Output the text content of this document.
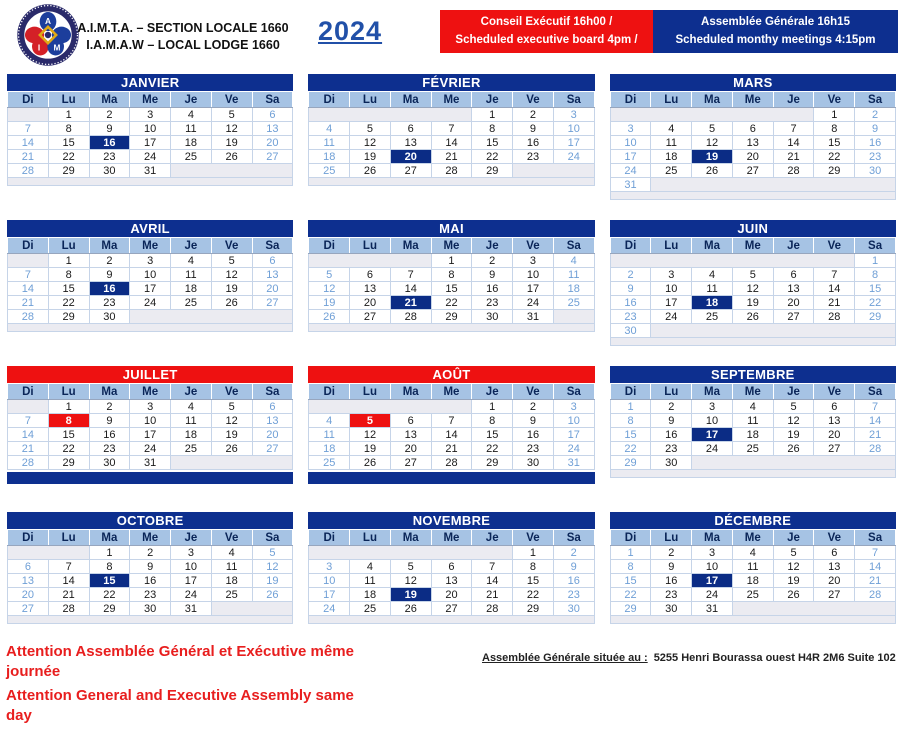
A
I M
A.I.M.T.A. – SECTION LOCALE 1660
I.A.M.A.W – LOCAL LODGE 1660	2024	Conseil Exécutif 16h00 /
Scheduled executive board 4pm /
Assemblée Générale 16h15
Scheduled monthy meetings 4:15pm
JANVIER
Di	Lu	Ma	Me	Je	Ve	Sa
	1	2	3	4	5	6
7	8	9	10	11	12	13
14	15	16	17	18	19	20
21	22	23	24	25	26	27
28	29	30	31			
FÉVRIER
Di	Lu	Ma	Me	Je	Ve	Sa
				1	2	3
4	5	6	7	8	9	10
11	12	13	14	15	16	17
18	19	20	21	22	23	24
25	26	27	28	29		
MARS
Di	Lu	Ma	Me	Je	Ve	Sa
					1	2
3	4	5	6	7	8	9
10	11	12	13	14	15	16
17	18	19	20	21	22	23
24	25	26	27	28	29	30
31						
AVRIL
Di	Lu	Ma	Me	Je	Ve	Sa
	1	2	3	4	5	6
7	8	9	10	11	12	13
14	15	16	17	18	19	20
21	22	23	24	25	26	27
28	29	30				
MAI
Di	Lu	Ma	Me	Je	Ve	Sa
			1	2	3	4
5	6	7	8	9	10	11
12	13	14	15	16	17	18
19	20	21	22	23	24	25
26	27	28	29	30	31	
JUIN
Di	Lu	Ma	Me	Je	Ve	Sa
						1
2	3	4	5	6	7	8
9	10	11	12	13	14	15
16	17	18	19	20	21	22
23	24	25	26	27	28	29
30						
JUILLET
Di	Lu	Ma	Me	Je	Ve	Sa
	1	2	3	4	5	6
7	8	9	10	11	12	13
14	15	16	17	18	19	20
21	22	23	24	25	26	27
28	29	30	31			
AOÛT
Di	Lu	Ma	Me	Je	Ve	Sa
				1	2	3
4	5	6	7	8	9	10
11	12	13	14	15	16	17
18	19	20	21	22	23	24
25	26	27	28	29	30	31
SEPTEMBRE
Di	Lu	Ma	Me	Je	Ve	Sa
1	2	3	4	5	6	7
8	9	10	11	12	13	14
15	16	17	18	19	20	21
22	23	24	25	26	27	28
29	30					
OCTOBRE
Di	Lu	Ma	Me	Je	Ve	Sa
		1	2	3	4	5
6	7	8	9	10	11	12
13	14	15	16	17	18	19
20	21	22	23	24	25	26
27	28	29	30	31		
NOVEMBRE
Di	Lu	Ma	Me	Je	Ve	Sa
					1	2
3	4	5	6	7	8	9
10	11	12	13	14	15	16
17	18	19	20	21	22	23
24	25	26	27	28	29	30
DÉCEMBRE
Di	Lu	Ma	Me	Je	Ve	Sa
1	2	3	4	5	6	7
8	9	10	11	12	13	14
15	16	17	18	19	20	21
22	23	24	25	26	27	28
29	30	31				
Attention Assemblée Général et Exécutive même journée
Attention General and Executive Assembly same day
Assemblée Générale située au : 5255 Henri Bourassa ouest H4R 2M6 Suite 102
